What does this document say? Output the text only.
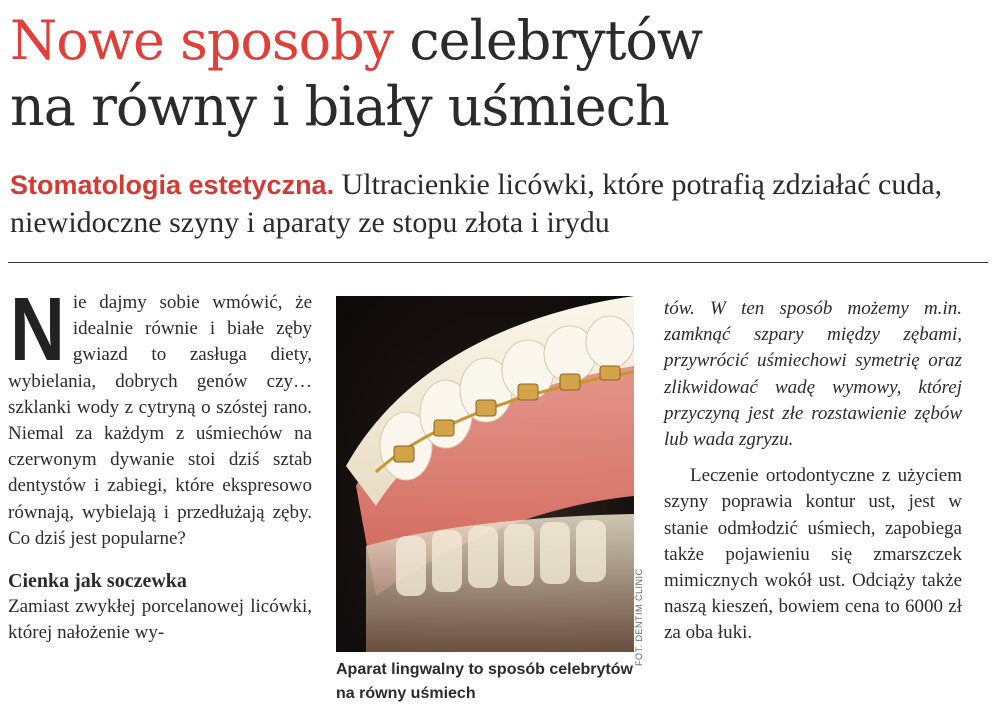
Nowe sposoby celebrytów
na równy i biały uśmiech

Stomatologia estetyczna. Ultracienkie licówki, które potrafią zdziałać cuda, niewidoczne szyny i aparaty ze stopu złota i irydu

Nie dajmy sobie wmówić, że idealnie równie i białe zęby gwiazd to zasługa diety, wybielania, dobrych genów czy… szklanki wody z cytryną o szóstej rano. Niemal za każdym z uśmiechów na czerwonym dywanie stoi dziś sztab dentystów i zabiegi, które ekspresowo równają, wybielają i przedłużają zęby. Co dziś jest popularne?

Cienka jak soczewka

Zamiast zwykłej porcelanowej licówki, której nałożenie wy-	FOT. DENTIM CLINIC

Aparat lingwalny to sposób celebrytów na równy uśmiech

tów. W ten sposób możemy m.in. zamknąć szpary między zębami, przywrócić uśmiechowi symetrię oraz zlikwidować wadę wymowy, której przyczyną jest złe rozstawienie zębów lub wada zgryzu.

Leczenie ortodontyczne z użyciem szyny poprawia kontur ust, jest w stanie odmłodzić uśmiech, zapobiega także pojawieniu się zmarszczek mimicznych wokół ust. Odciąży także naszą kieszeń, bowiem cena to 6000 zł za oba łuki.
